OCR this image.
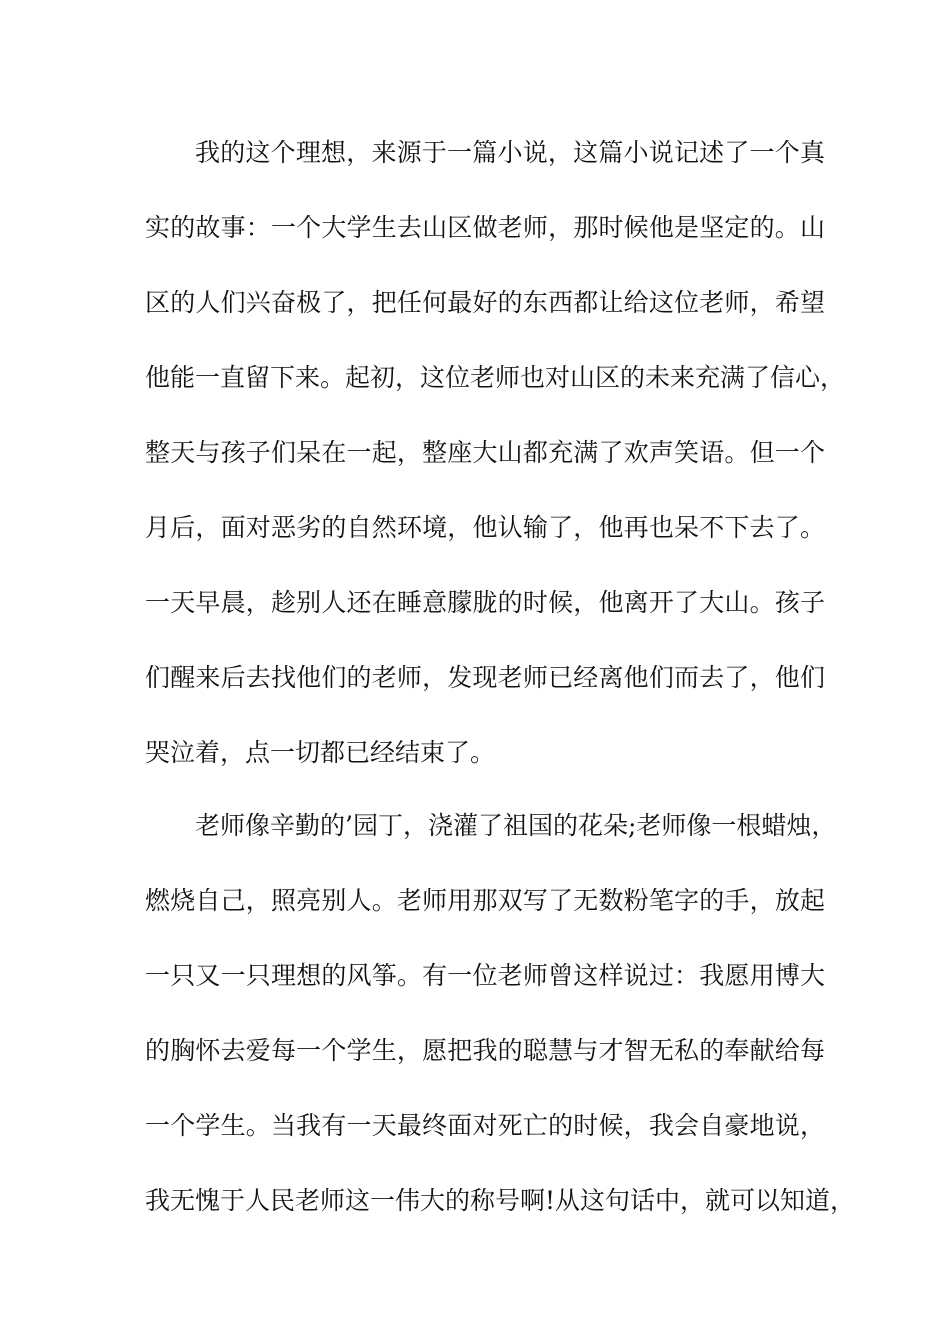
我的这个理想，来源于一篇小说，这篇小说记述了一个真
实的故事：一个大学生去山区做老师，那时候他是坚定的。山
区的人们兴奋极了，把任何最好的东西都让给这位老师，希望
他能一直留下来。起初，这位老师也对山区的未来充满了信心，
整天与孩子们呆在一起，整座大山都充满了欢声笑语。但一个
月后，面对恶劣的自然环境，他认输了，他再也呆不下去了。
一天早晨，趁别人还在睡意朦胧的时候，他离开了大山。孩子
们醒来后去找他们的老师，发现老师已经离他们而去了，他们
哭泣着，点一切都已经结束了。
老师像辛勤的’园丁，浇灌了祖国的花朵;老师像一根蜡烛，
燃烧自己，照亮别人。老师用那双写了无数粉笔字的手，放起
一只又一只理想的风筝。有一位老师曾这样说过：我愿用博大
的胸怀去爱每一个学生，愿把我的聪慧与才智无私的奉献给每
一个学生。当我有一天最终面对死亡的时候，我会自豪地说，
我无愧于人民老师这一伟大的称号啊!从这句话中，就可以知道，
